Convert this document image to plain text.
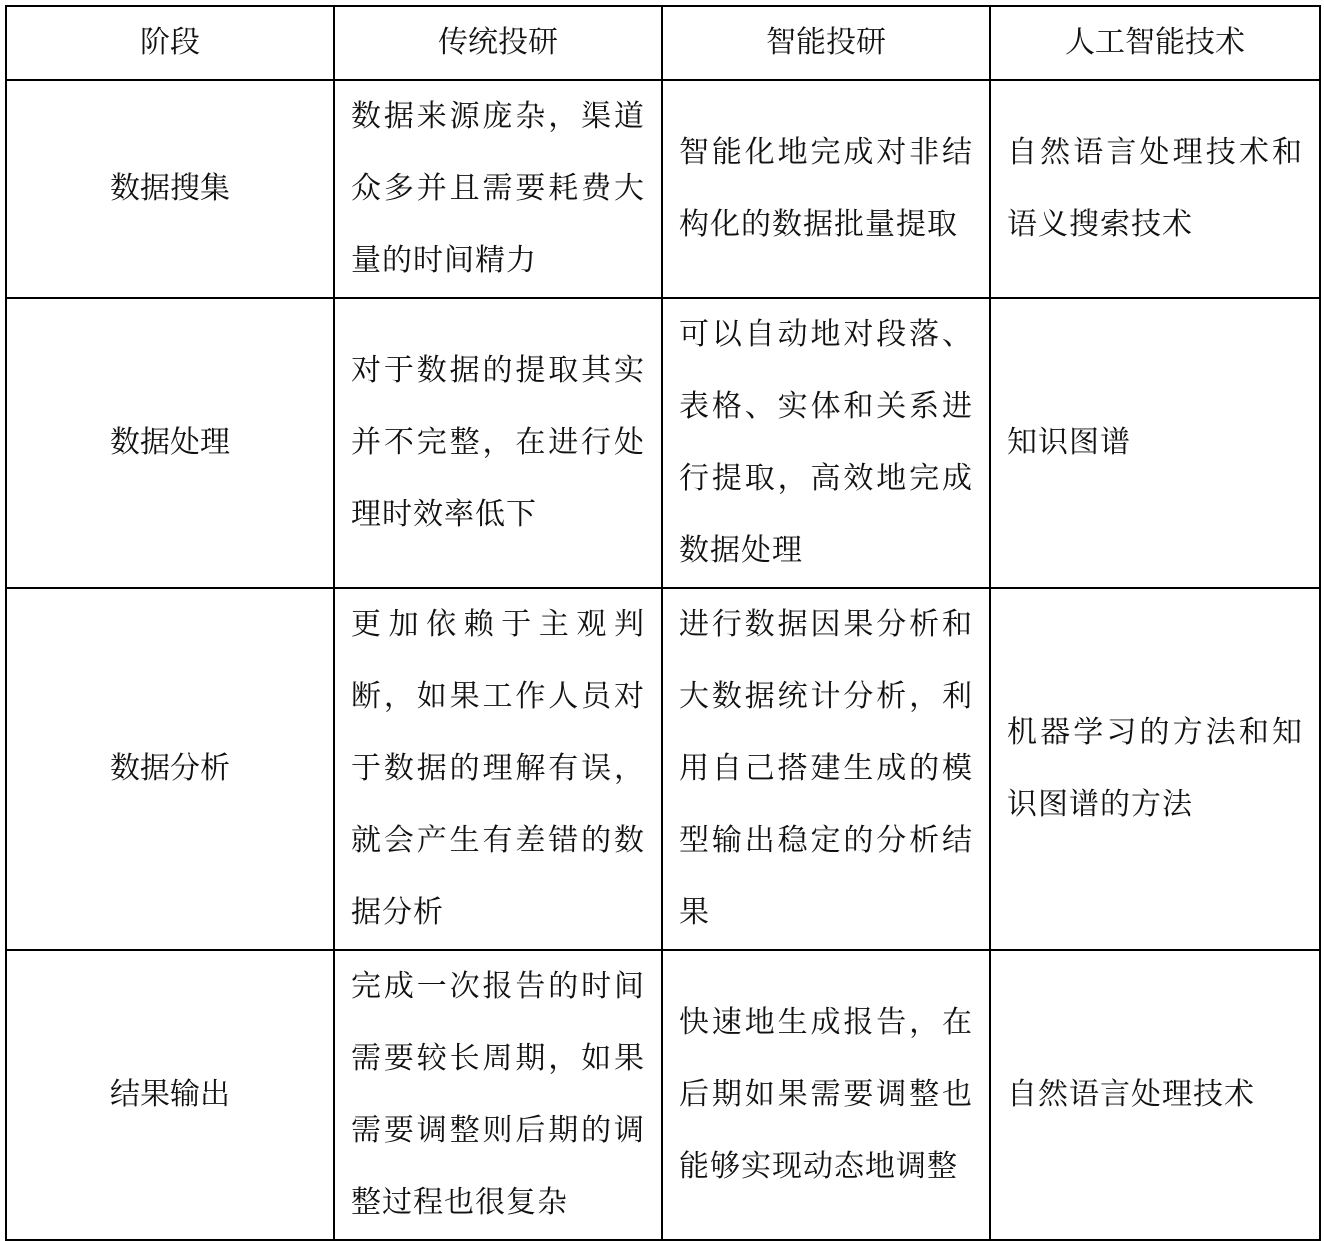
阶段	传统投研	智能投研	人工智能技术
数据搜集	数据来源庞杂，渠道众多并且需要耗费大量的时间精力	智能化地完成对非结构化的数据批量提取	自然语言处理技术和语义搜索技术
数据处理	对于数据的提取其实并不完整，在进行处理时效率低下	可以自动地对段落、表格、实体和关系进行提取，高效地完成数据处理	知识图谱
数据分析	更加依赖于主观判断，如果工作人员对于数据的理解有误，就会产生有差错的数据分析	进行数据因果分析和大数据统计分析，利用自己搭建生成的模型输出稳定的分析结果	机器学习的方法和知识图谱的方法
结果输出	完成一次报告的时间需要较长周期，如果需要调整则后期的调整过程也很复杂	快速地生成报告，在后期如果需要调整也能够实现动态地调整	自然语言处理技术
